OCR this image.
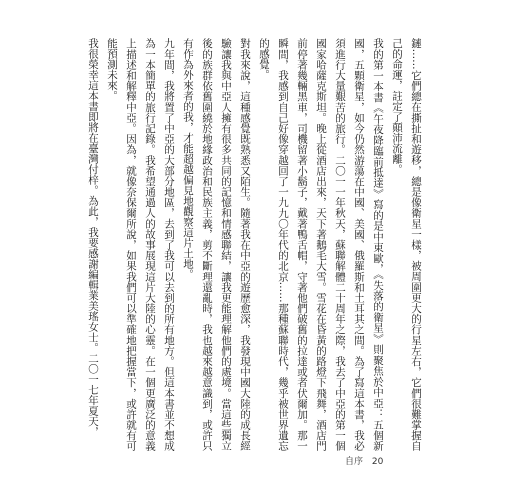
鏈……它們總在撕扯和遊移，總是像衛星一樣，被周圍更大的行星左右，它們很難掌握自己的命運，註定了顛沛流離。

我的第一本書《午夜降臨前抵達》寫的是中東歐，《失落的衛星》則聚焦於中亞：五個新國，五顆衛星，如今仍然游蕩在中國、美國、俄羅斯和土耳其之間。為了寫這本書，我必須進行大量艱苦的旅行。二〇一一年秋天，蘇聯解體二十周年之際，我去了中亞的第一個國家哈薩克斯坦。晚上從酒店出來，天下著鵝毛大雪。雪花在昏黃的路燈下飛舞，酒店門前停著幾輛黑車，司機留著小鬍子，戴著鴨舌帽，守著他們破舊的拉達或者伏爾加。那一瞬間，我感到自己好像穿越回了一九九〇年代的北京……那種蘇聯時代，幾乎被世界遺忘的感覺。

對我來說，這種感覺既熟悉又陌生。隨著我在中亞的遊歷愈深，我發現中國大陸的成長經驗讓我與中亞人擁有很多共同的記憶和情感聯結，讓我更能理解他們的處境。當這些獨立後的族群依舊圍繞於地緣政治和民族主義，剪不斷理還亂時，我也越來越意識到，或許只有作為外來者的我，才能超越偏見地觀察這片土地。

九年間，我將置了中亞的大部分地區，去到了我可以去到的所有地方。但這本書並不想成為一本簡單的旅行記錄。我希望通過人的故事展現這片大陸的心靈。在一個更廣泛的意義上描述和解釋中亞。因為，就像奈保爾所說，如果我們可以準確地把握當下，或許就有可能預測未來。

我很榮幸這本書即將在臺灣付梓。為此，我要感謝編輯業美瑤女士。二〇一七年夏天，

自序 20
